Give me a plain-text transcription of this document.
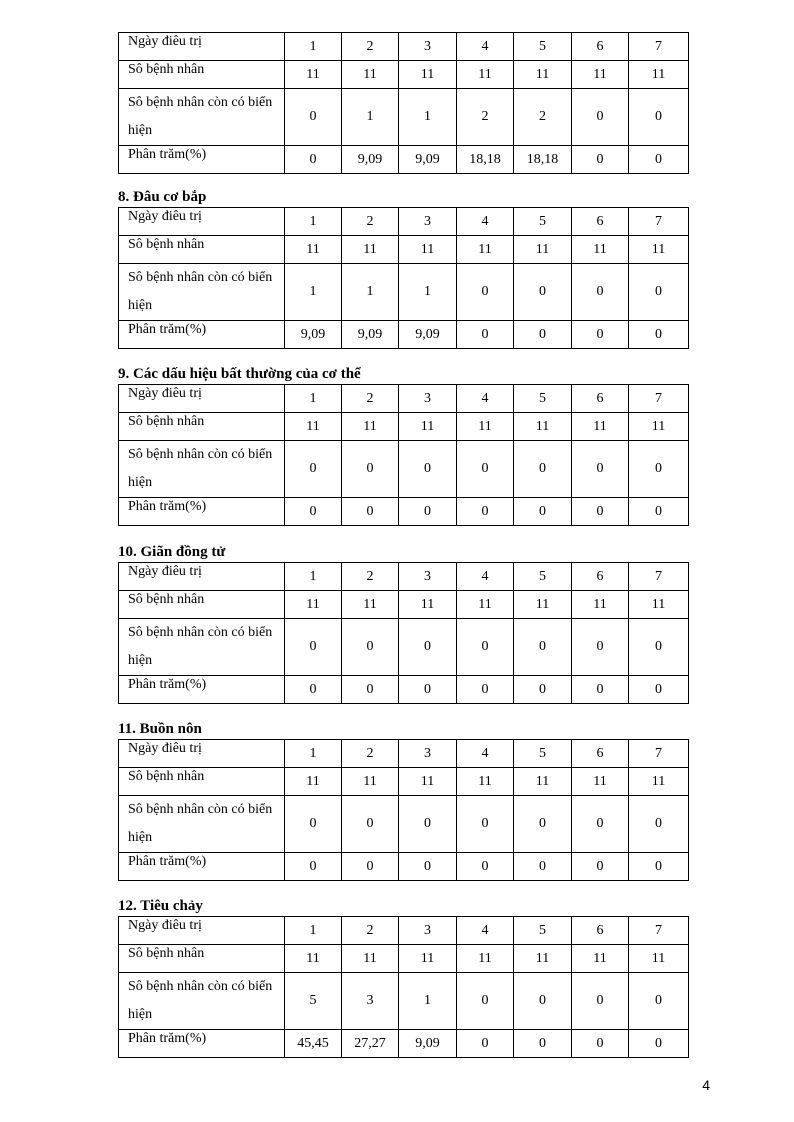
Ngày điêu trị	1	2	3	4	5	6	7
Sô bệnh nhân	11	11	11	11	11	11	11
Sô bệnh nhân còn có biển hiện	0	1	1	2	2	0	0
Phân trăm(%)	0	9,09	9,09	18,18	18,18	0	0
8. Đâu cơ bắp
Ngày điêu trị	1	2	3	4	5	6	7
Sô bệnh nhân	11	11	11	11	11	11	11
Sô bệnh nhân còn có biển hiện	1	1	1	0	0	0	0
Phân trăm(%)	9,09	9,09	9,09	0	0	0	0
9. Các dấu hiệu bất thường của cơ thể
Ngày điêu trị	1	2	3	4	5	6	7
Sô bệnh nhân	11	11	11	11	11	11	11
Sô bệnh nhân còn có biển hiện	0	0	0	0	0	0	0
Phân trăm(%)	0	0	0	0	0	0	0
10. Giãn đồng tử
Ngày điêu trị	1	2	3	4	5	6	7
Sô bệnh nhân	11	11	11	11	11	11	11
Sô bệnh nhân còn có biển hiện	0	0	0	0	0	0	0
Phân trăm(%)	0	0	0	0	0	0	0
11. Buồn nôn
Ngày điêu trị	1	2	3	4	5	6	7
Sô bệnh nhân	11	11	11	11	11	11	11
Sô bệnh nhân còn có biển hiện	0	0	0	0	0	0	0
Phân trăm(%)	0	0	0	0	0	0	0
12. Tiêu chảy
Ngày điêu trị	1	2	3	4	5	6	7
Sô bệnh nhân	11	11	11	11	11	11	11
Sô bệnh nhân còn có biển hiện	5	3	1	0	0	0	0
Phân trăm(%)	45,45	27,27	9,09	0	0	0	0
4
